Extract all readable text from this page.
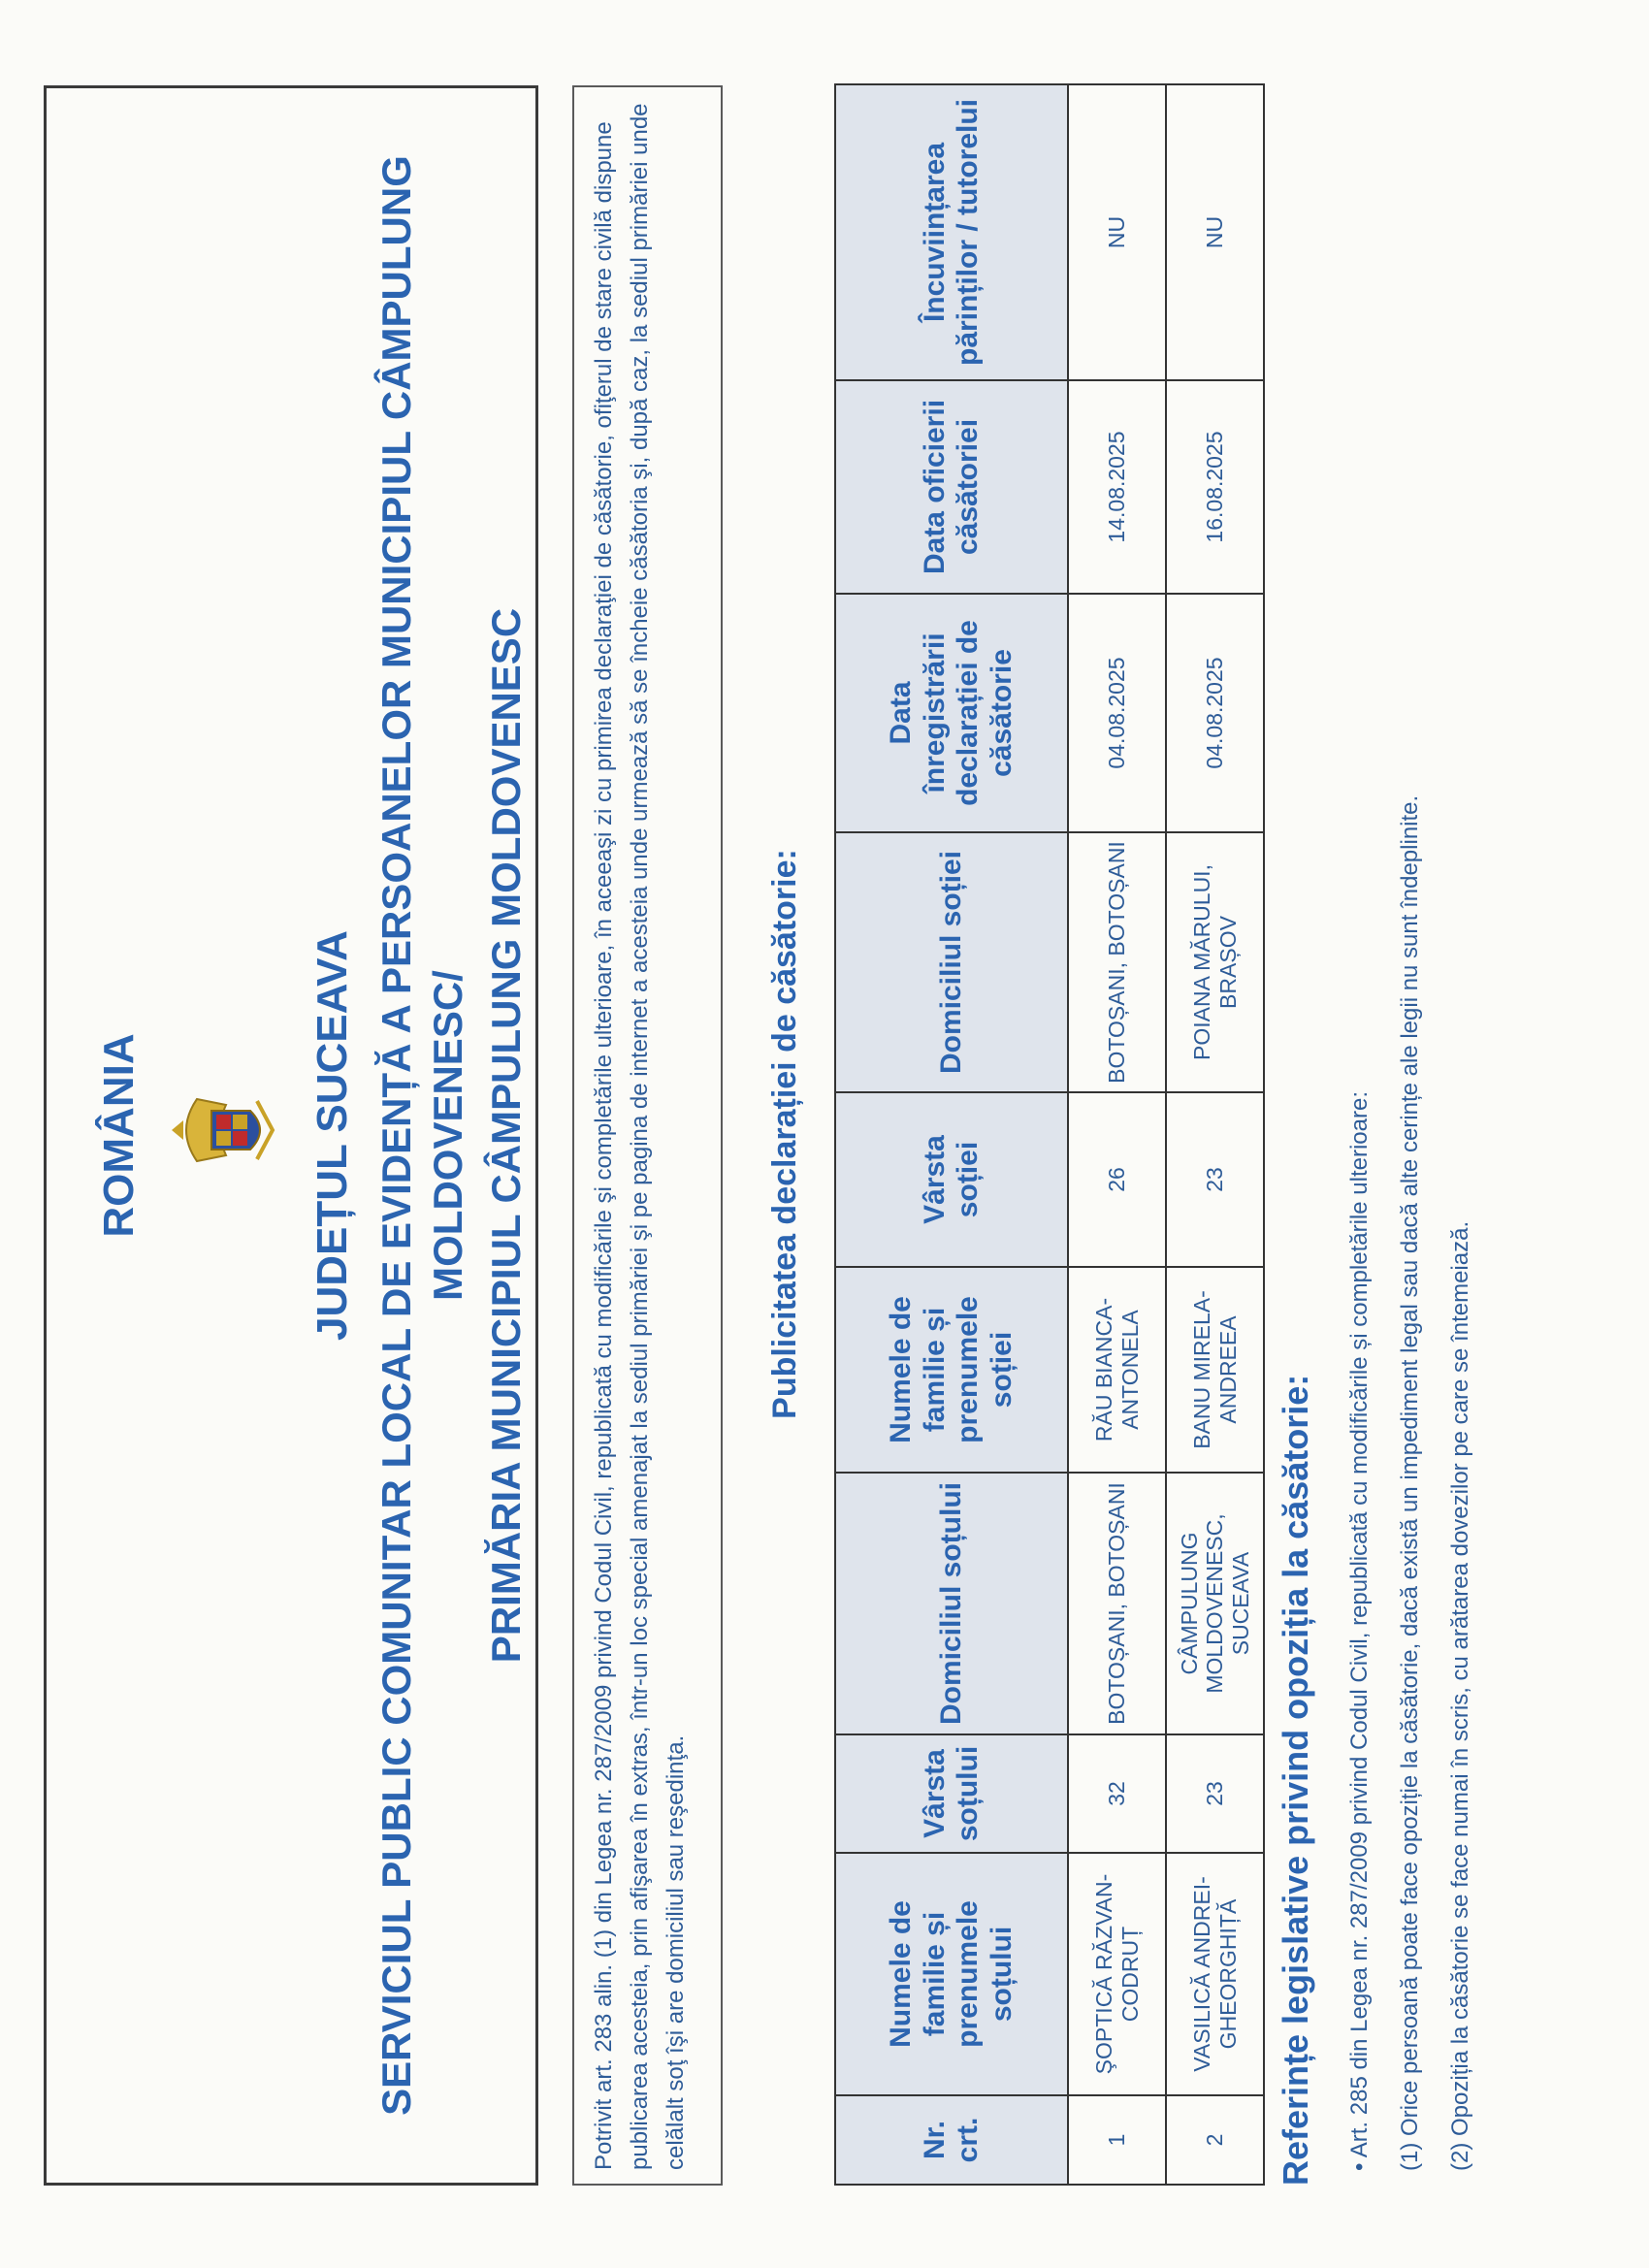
ROMÂNIA	JUDEȚUL SUCEAVA SERVICIUL PUBLIC COMUNITAR LOCAL DE EVIDENȚĂ A PERSOANELOR MUNICIPIUL CÂMPULUNG MOLDOVENESC/ PRIMĂRIA MUNICIPIUL CÂMPULUNG MOLDOVENESC	Potrivit art. 283 alin. (1) din Legea nr. 287/2009 privind Codul Civil, republicată cu modificările şi completările ulterioare, în aceeaşi zi cu primirea declaraţiei de căsătorie, ofiţerul de stare civilă dispune publicarea acesteia, prin afişarea în extras, într-un loc special amenajat la sediul primăriei şi pe pagina de internet a acesteia unde urmează să se încheie căsătoria şi, după caz, la sediul primăriei unde celălalt soţ îşi are domiciliul sau reşedinţa.
Publicitatea declarației de căsătorie:
Nr. crt.	Numele de familie și prenumele soțului	Vârsta soțului	Domiciliul soțului	Numele de familie și prenumele soției	Vârsta soției	Domiciliul soției	Data înregistrării declarației de căsătorie	Data oficierii căsătoriei	Încuviințarea părinților / tutorelui
1	ŞOPTICĂ RĂZVAN-CODRUȚ	32	BOTOȘANI, BOTOȘANI	RĂU BIANCA-ANTONELA	26	BOTOȘANI, BOTOȘANI	04.08.2025	14.08.2025	NU
2	VASILICĂ ANDREI-GHEORGHIȚĂ	23	CÂMPULUNG MOLDOVENESC, SUCEAVA	BANU MIRELA-ANDREEA	23	POIANA MĂRULUI, BRAȘOV	04.08.2025	16.08.2025	NU
Referințe legislative privind opoziția la căsătorie: • Art. 285 din Legea nr. 287/2009 privind Codul Civil, republicată cu modificările și completările ulterioare: (1) Orice persoană poate face opoziție la căsătorie, dacă există un impediment legal sau dacă alte cerințe ale legii nu sunt îndeplinite. (2) Opoziția la căsătorie se face numai în scris, cu arătarea dovezilor pe care se întemeiază.
